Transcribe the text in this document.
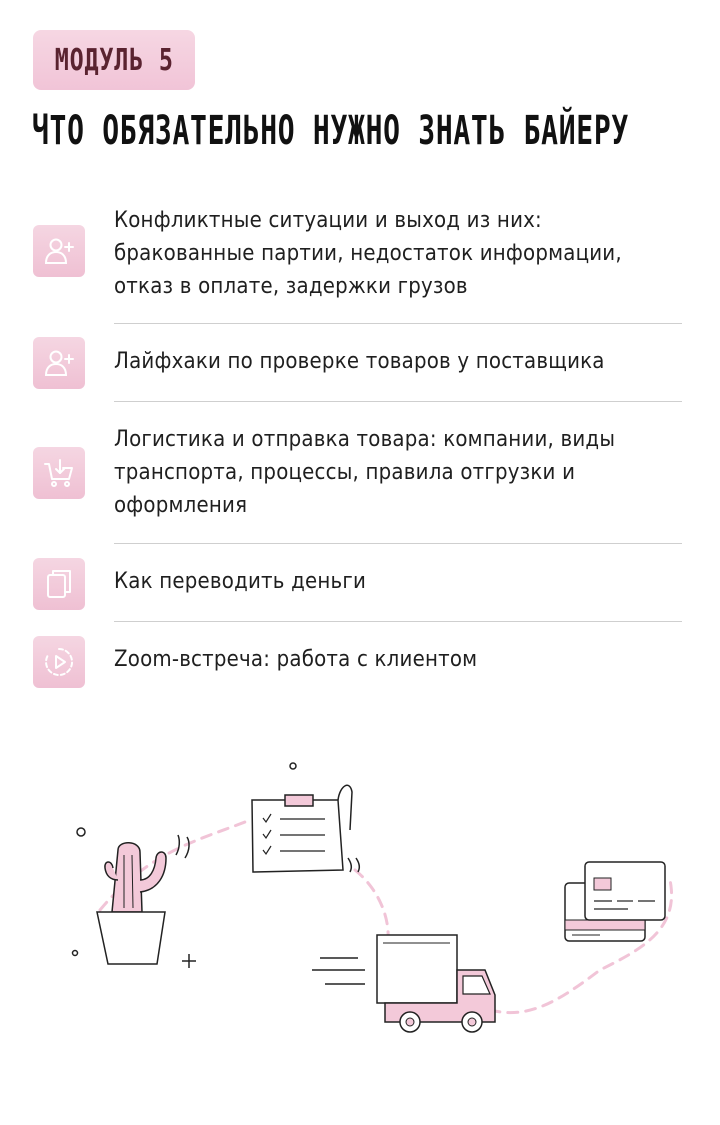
МОДУЛЬ 5
ЧТО ОБЯЗАТЕЛЬНО НУЖНО ЗНАТЬ БАЙЕРУ
Конфликтные ситуации и выход из них:
бракованные партии, недостаток информации,
отказ в оплате, задержки грузов
Лайфхаки по проверке товаров у поставщика
Логистика и отправка товара: компании, виды
транспорта, процессы, правила отгрузки и
оформления
Как переводить деньги
Zoom-встреча: работа с клиентом
